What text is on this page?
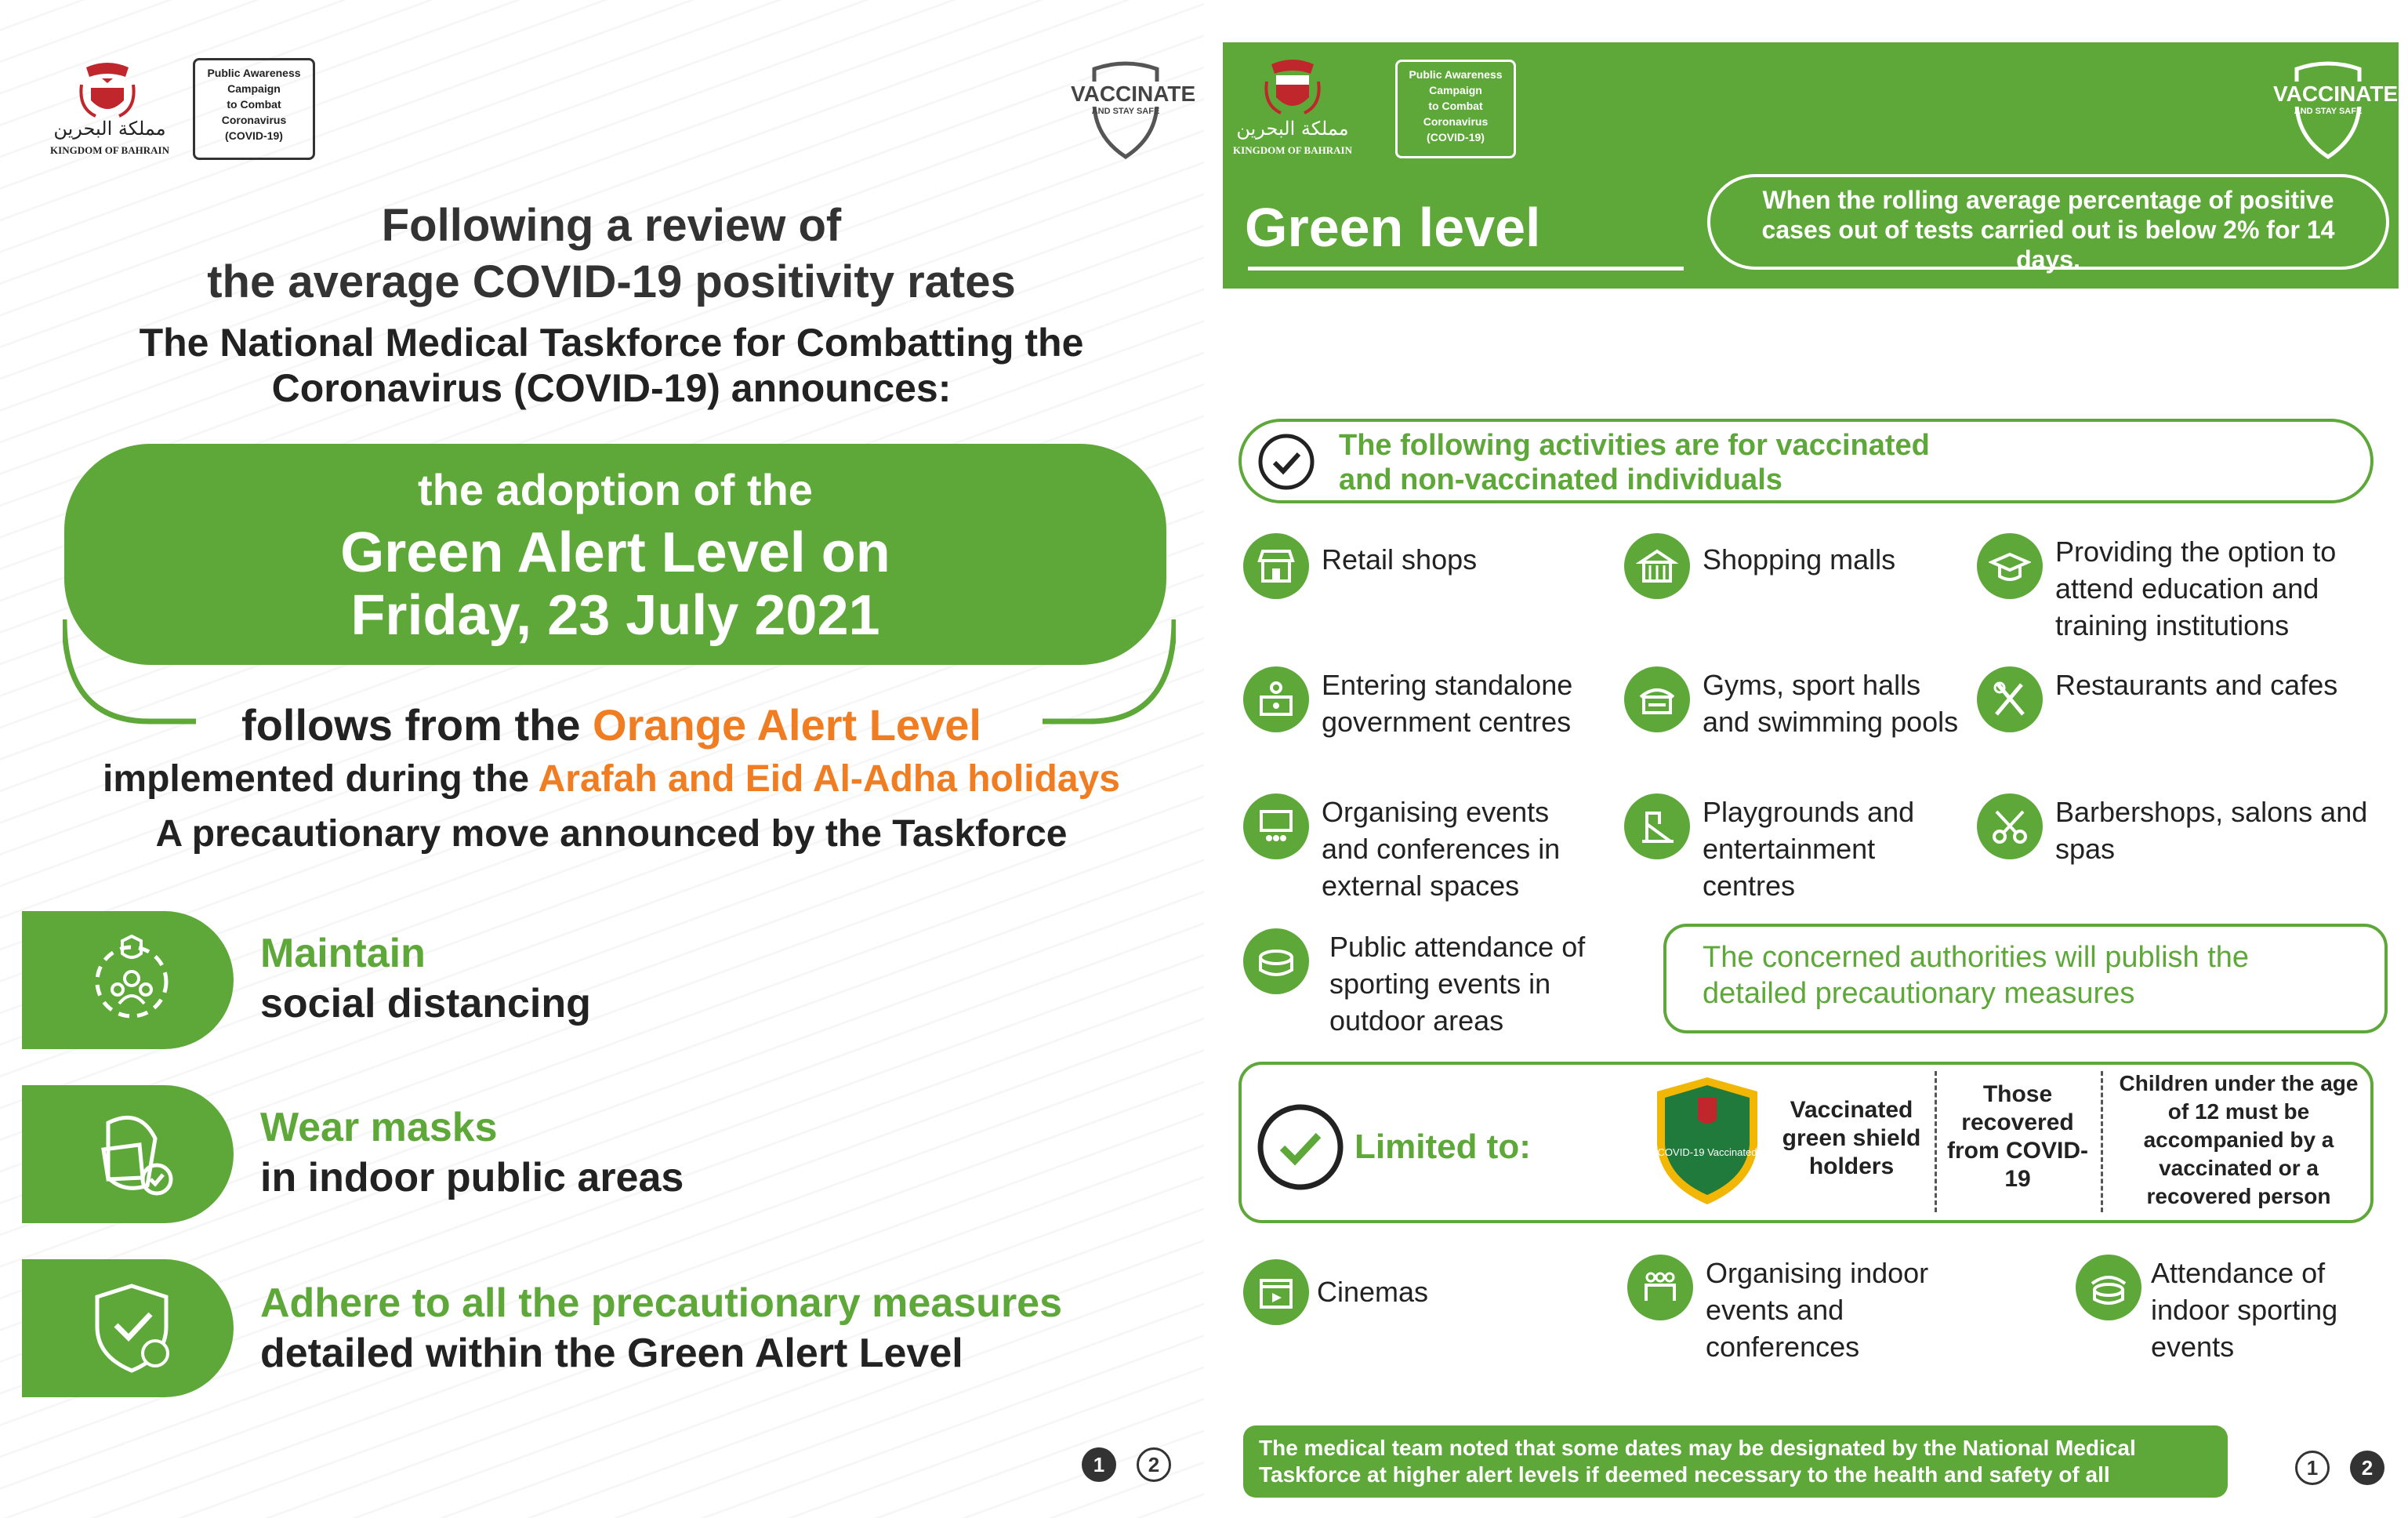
مملكة البحرين
KINGDOM OF BAHRAIN
Public Awareness
Campaign
to Combat
Coronavirus
(COVID-19)
VACCINATE
AND STAY SAFE
Following a review of
the average COVID-19 positivity rates
The National Medical Taskforce for Combatting the
Coronavirus (COVID-19) announces:
the adoption of the
Green Alert Level on
Friday, 23 July 2021
follows from the Orange Alert Level
implemented during the Arafah and Eid Al-Adha holidays
A precautionary move announced by the Taskforce
Maintain
social distancing
Wear masks
in indoor public areas
Adhere to all the precautionary measures
detailed within the Green Alert Level
1	2
مملكة البحرين
KINGDOM OF BAHRAIN
Public Awareness
Campaign
to Combat
Coronavirus
(COVID-19)
VACCINATE
AND STAY SAFE
Green level	When the rolling average percentage of positive cases out of tests carried out is below 2% for 14 days.
The following activities are for vaccinated
and non-vaccinated individuals
Retail shops	Shopping malls	Providing the option to attend education and training institutions
Entering standalone government centres
Gyms, sport halls and swimming pools
Restaurants and cafes
Organising events and conferences in external spaces
Playgrounds and entertainment centres
Barbershops, salons and spas
Public attendance of sporting events in outdoor areas
The concerned authorities will publish the detailed precautionary measures
Limited to:	COVID-19 Vaccinated
Vaccinated green shield holders
Those recovered from COVID-19
Children under the age of 12 must be accompanied by a vaccinated or a recovered person
Cinemas
Organising indoor events and conferences
Attendance of indoor sporting events
The medical team noted that some dates may be designated by the National Medical Taskforce at higher alert levels if deemed necessary to the health and safety of all	1	2
